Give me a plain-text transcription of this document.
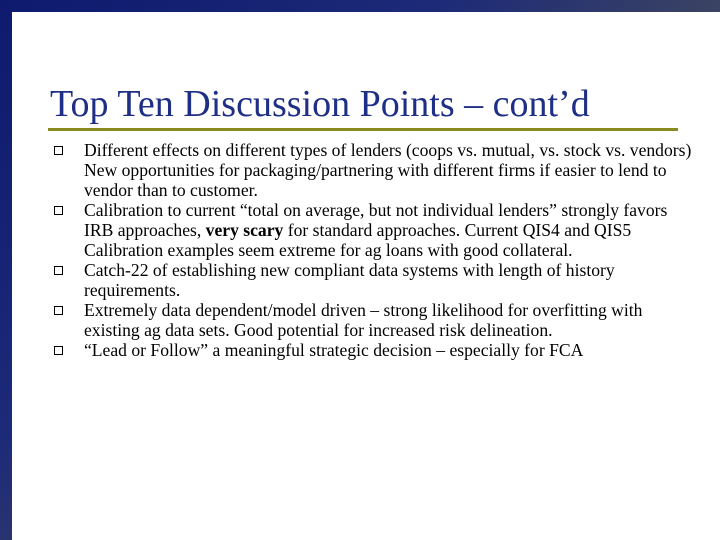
Top Ten Discussion Points – cont’d
Different effects on different types of lenders (coops vs. mutual, vs. stock vs. vendors) New opportunities for packaging/partnering with different firms if easier to lend to vendor than to customer.
Calibration to current “total on average, but not individual lenders” strongly favors IRB approaches, very scary for standard approaches. Current QIS4 and QIS5 Calibration examples seem extreme for ag loans with good collateral.
Catch-22 of establishing new compliant data systems with length of history requirements.
Extremely data dependent/model driven – strong likelihood for overfitting with existing ag data sets. Good potential for increased risk delineation.
“Lead or Follow” a meaningful strategic decision – especially for FCA
